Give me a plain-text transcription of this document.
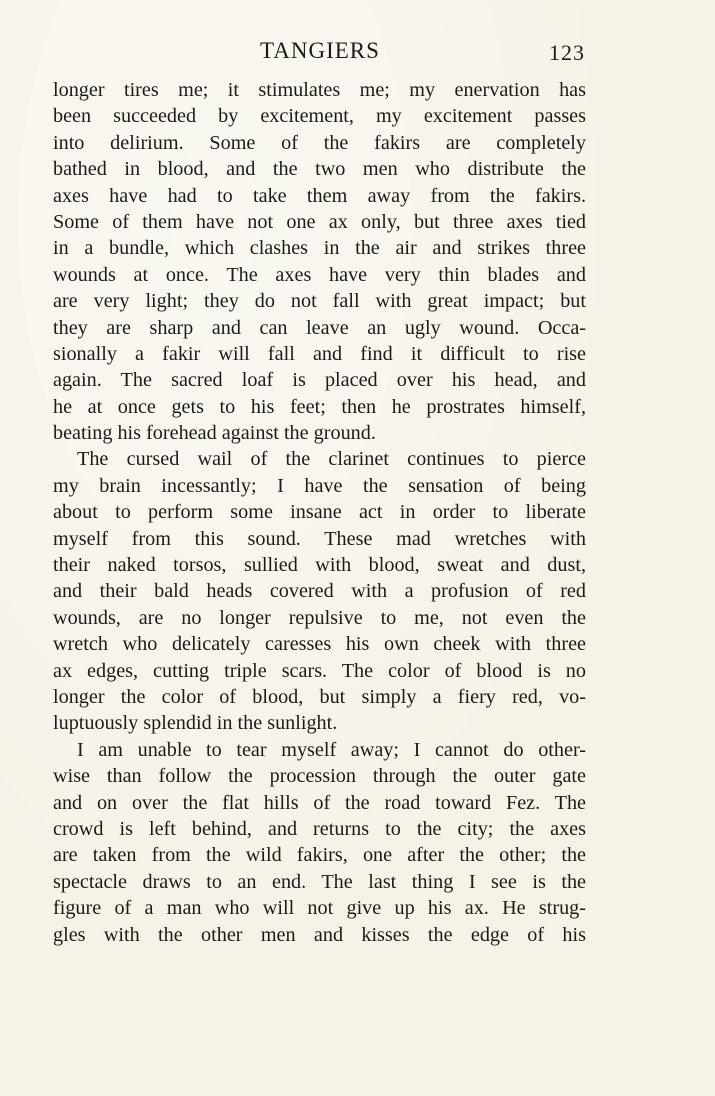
TANGIERS	123
longer tires me; it stimulates me; my enervation has
been succeeded by excitement, my excitement passes
into delirium. Some of the fakirs are completely
bathed in blood, and the two men who distribute the
axes have had to take them away from the fakirs.
Some of them have not one ax only, but three axes tied
in a bundle, which clashes in the air and strikes three
wounds at once. The axes have very thin blades and
are very light; they do not fall with great impact; but
they are sharp and can leave an ugly wound. Occa-
sionally a fakir will fall and find it difficult to rise
again. The sacred loaf is placed over his head, and
he at once gets to his feet; then he prostrates himself,
beating his forehead against the ground.
The cursed wail of the clarinet continues to pierce
my brain incessantly; I have the sensation of being
about to perform some insane act in order to liberate
myself from this sound. These mad wretches with
their naked torsos, sullied with blood, sweat and dust,
and their bald heads covered with a profusion of red
wounds, are no longer repulsive to me, not even the
wretch who delicately caresses his own cheek with three
ax edges, cutting triple scars. The color of blood is no
longer the color of blood, but simply a fiery red, vo-
luptuously splendid in the sunlight.
I am unable to tear myself away; I cannot do other-
wise than follow the procession through the outer gate
and on over the flat hills of the road toward Fez. The
crowd is left behind, and returns to the city; the axes
are taken from the wild fakirs, one after the other; the
spectacle draws to an end. The last thing I see is the
figure of a man who will not give up his ax. He strug-
gles with the other men and kisses the edge of his
